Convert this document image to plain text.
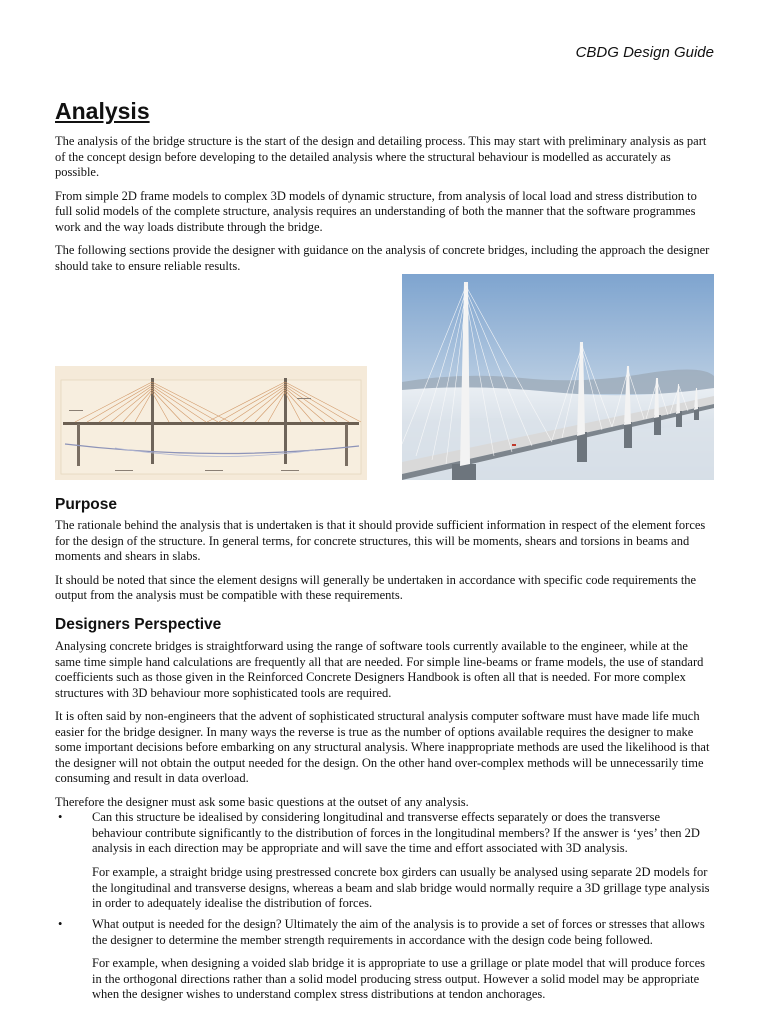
CBDG Design Guide
Analysis

The analysis of the bridge structure is the start of the design and detailing process. This may start with preliminary analysis as part of the concept design before developing to the detailed analysis where the structural behaviour is modelled as accurately as possible.

From simple 2D frame models to complex 3D models of dynamic structure, from analysis of local load and stress distribution to full solid models of the complete structure, analysis requires an understanding of both the manner that the software programmes work and the way loads distribute through the bridge.

The following sections provide the designer with guidance on the analysis of concrete bridges, including the approach the designer should take to ensure reliable results.

Purpose

The rationale behind the analysis that is undertaken is that it should provide sufficient information in respect of the element forces for the design of the structure. In general terms, for concrete structures, this will be moments, shears and torsions in beams and moments and shears in slabs.

It should be noted that since the element designs will generally be undertaken in accordance with specific code requirements the output from the analysis must be compatible with these requirements.

Designers Perspective

Analysing concrete bridges is straightforward using the range of software tools currently available to the engineer, while at the same time simple hand calculations are frequently all that are needed. For simple line-beams or frame models, the use of standard coefficients such as those given in the Reinforced Concrete Designers Handbook is often all that is needed. For more complex structures with 3D behaviour more sophisticated tools are required.

It is often said by non-engineers that the advent of sophisticated structural analysis computer software must have made life much easier for the bridge designer. In many ways the reverse is true as the number of options available requires the designer to make some important decisions before embarking on any structural analysis. Where inappropriate methods are used the likelihood is that the designer will not obtain the output needed for the design. On the other hand over-complex methods will be unnecessarily time consuming and result in data overload.

Therefore the designer must ask some basic questions at the outset of any analysis.

• Can this structure be idealised by considering longitudinal and transverse effects separately or does the transverse behaviour contribute significantly to the distribution of forces in the longitudinal members? If the answer is ‘yes’ then 2D analysis in each direction may be appropriate and will save the time and effort associated with 3D analysis.

For example, a straight bridge using prestressed concrete box girders can usually be analysed using separate 2D models for the longitudinal and transverse designs, whereas a beam and slab bridge would normally require a 3D grillage type analysis in order to adequately idealise the distribution of forces.

• What output is needed for the design? Ultimately the aim of the analysis is to provide a set of forces or stresses that allows the designer to determine the member strength requirements in accordance with the design code being followed.

For example, when designing a voided slab bridge it is appropriate to use a grillage or plate model that will produce forces in the orthogonal directions rather than a solid model producing stress output. However a solid model may be appropriate when the designer wishes to understand complex stress distributions at tendon anchorages.
